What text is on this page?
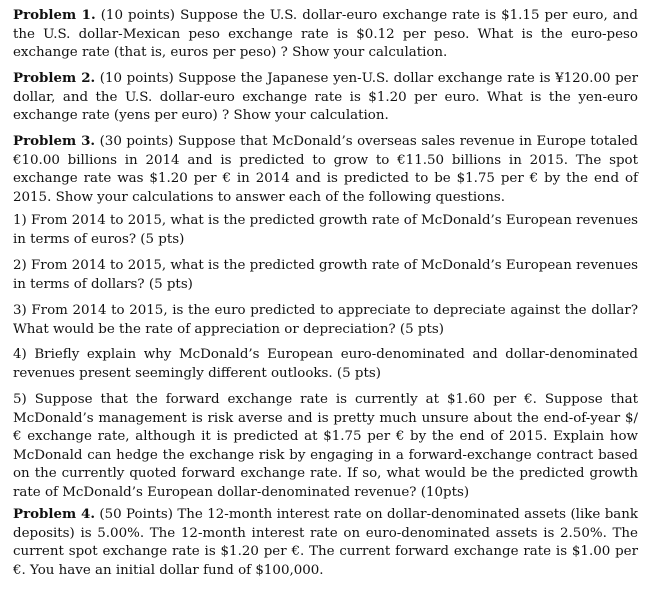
Problem 1. (10 points) Suppose the U.S. dollar-euro exchange rate is $1.15 per euro, and the U.S. dollar-Mexican peso exchange rate is $0.12 per peso. What is the euro-peso exchange rate (that is, euros per peso) ? Show your calculation.

Problem 2. (10 points) Suppose the Japanese yen-U.S. dollar exchange rate is ¥120.00 per dollar, and the U.S. dollar-euro exchange rate is $1.20 per euro. What is the yen-euro exchange rate (yens per euro) ? Show your calculation.

Problem 3. (30 points) Suppose that McDonald’s overseas sales revenue in Europe totaled €10.00 billions in 2014 and is predicted to grow to €11.50 billions in 2015. The spot exchange rate was $1.20 per € in 2014 and is predicted to be $1.75 per € by the end of 2015. Show your calculations to answer each of the following questions.

1) From 2014 to 2015, what is the predicted growth rate of McDonald’s European revenues in terms of euros? (5 pts)

2) From 2014 to 2015, what is the predicted growth rate of McDonald’s European revenues in terms of dollars? (5 pts)

3) From 2014 to 2015, is the euro predicted to appreciate to depreciate against the dollar? What would be the rate of appreciation or depreciation? (5 pts)

4) Briefly explain why McDonald’s European euro-denominated and dollar-denominated revenues present seemingly different outlooks. (5 pts)

5) Suppose that the forward exchange rate is currently at $1.60 per €. Suppose that McDonald’s management is risk averse and is pretty much unsure about the end-of-year $/€ exchange rate, although it is predicted at $1.75 per € by the end of 2015. Explain how McDonald can hedge the exchange risk by engaging in a forward-exchange contract based on the currently quoted forward exchange rate. If so, what would be the predicted growth rate of McDonald’s European dollar-denominated revenue? (10pts)

Problem 4. (50 Points) The 12-month interest rate on dollar-denominated assets (like bank deposits) is 5.00%. The 12-month interest rate on euro-denominated assets is 2.50%. The current spot exchange rate is $1.20 per €. The current forward exchange rate is $1.00 per €. You have an initial dollar fund of $100,000.
